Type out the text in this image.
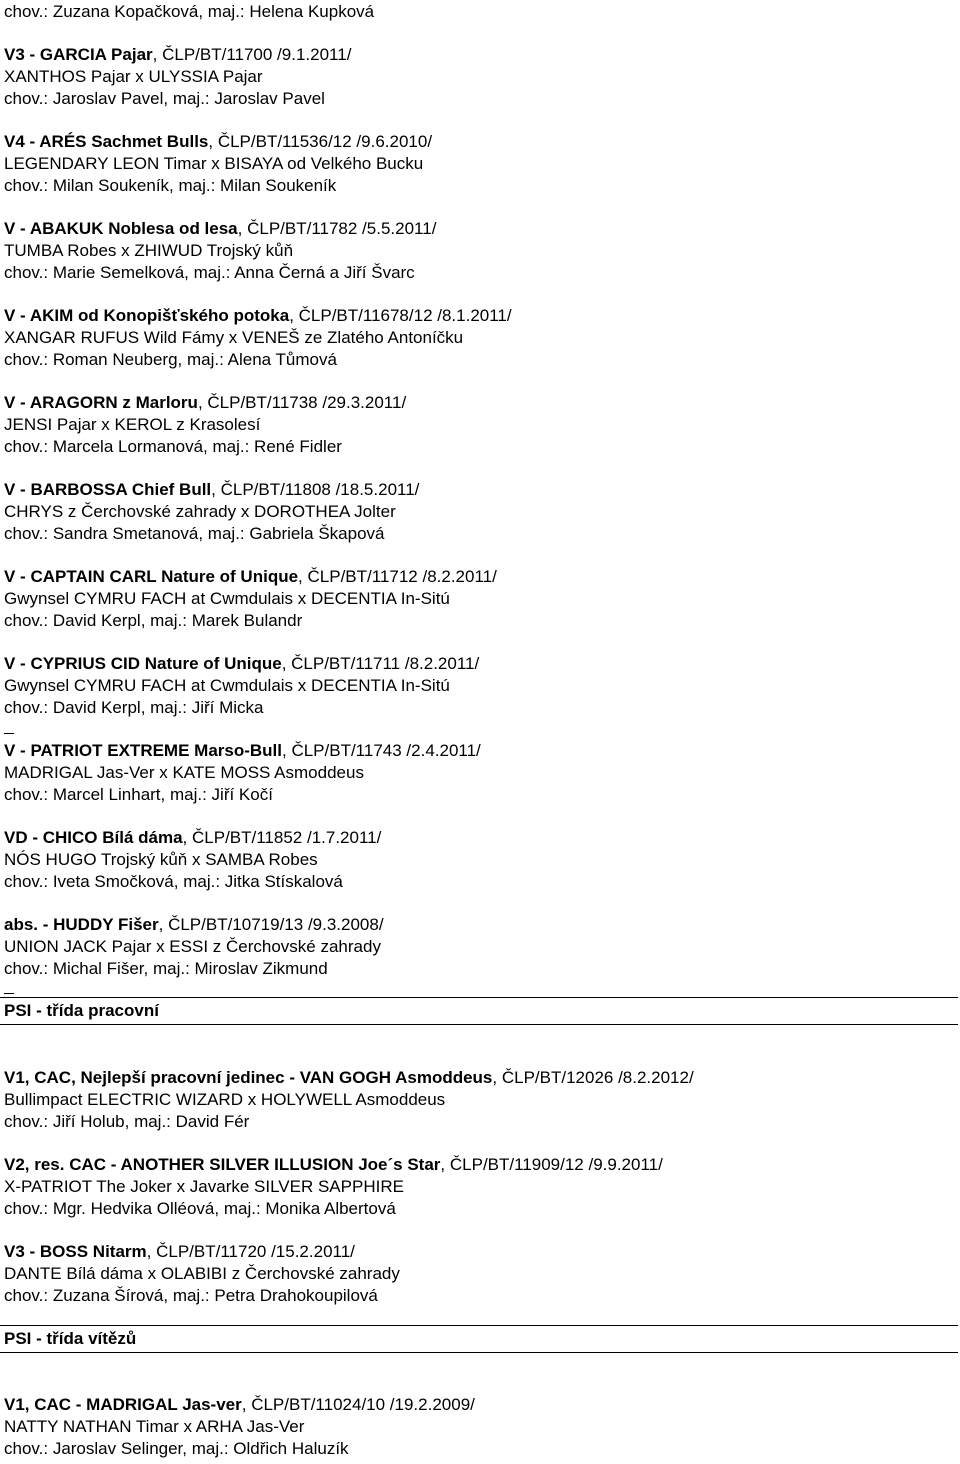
chov.: Zuzana Kopačková, maj.: Helena Kupková
V3 - GARCIA Pajar, ČLP/BT/11700 /9.1.2011/
XANTHOS Pajar x ULYSSIA Pajar
chov.: Jaroslav Pavel, maj.: Jaroslav Pavel
V4 - ARÉS Sachmet Bulls, ČLP/BT/11536/12 /9.6.2010/
LEGENDARY LEON Timar x BISAYA od Velkého Bucku
chov.: Milan Soukeník, maj.: Milan Soukeník
V - ABAKUK Noblesa od lesa, ČLP/BT/11782 /5.5.2011/
TUMBA Robes x ZHIWUD Trojský kůň
chov.: Marie Semelková, maj.: Anna Černá a Jiří Švarc
V - AKIM od Konopišťského potoka, ČLP/BT/11678/12 /8.1.2011/
XANGAR RUFUS Wild Fámy x VENEŠ ze Zlatého Antoníčku
chov.: Roman Neuberg, maj.: Alena Tůmová
V - ARAGORN z Marloru, ČLP/BT/11738 /29.3.2011/
JENSI Pajar x KEROL z Krasolesí
chov.: Marcela Lormanová, maj.: René Fidler
V - BARBOSSA Chief Bull, ČLP/BT/11808 /18.5.2011/
CHRYS z Čerchovské zahrady x DOROTHEA Jolter
chov.: Sandra Smetanová, maj.: Gabriela Škapová
V - CAPTAIN CARL Nature of Unique, ČLP/BT/11712 /8.2.2011/
Gwynsel CYMRU FACH at Cwmdulais x DECENTIA In-Sitú
chov.: David Kerpl, maj.: Marek Bulandr
V - CYPRIUS CID Nature of Unique, ČLP/BT/11711 /8.2.2011/
Gwynsel CYMRU FACH at Cwmdulais x DECENTIA In-Sitú
chov.: David Kerpl, maj.: Jiří Micka
V - PATRIOT EXTREME Marso-Bull, ČLP/BT/11743 /2.4.2011/
MADRIGAL Jas-Ver x KATE MOSS Asmoddeus
chov.: Marcel Linhart, maj.: Jiří Kočí
VD - CHICO Bílá dáma, ČLP/BT/11852 /1.7.2011/
NÓS HUGO Trojský kůň x SAMBA Robes
chov.: Iveta Smočková, maj.: Jitka Stískalová
abs. - HUDDY Fišer, ČLP/BT/10719/13 /9.3.2008/
UNION JACK Pajar x ESSI z Čerchovské zahrady
chov.: Michal Fišer, maj.: Miroslav Zikmund
PSI - třída pracovní
V1, CAC, Nejlepší pracovní jedinec - VAN GOGH Asmoddeus, ČLP/BT/12026 /8.2.2012/
Bullimpact ELECTRIC WIZARD x HOLYWELL Asmoddeus
chov.: Jiří Holub, maj.: David Fér
V2, res. CAC - ANOTHER SILVER ILLUSION Joe´s Star, ČLP/BT/11909/12 /9.9.2011/
X-PATRIOT The Joker x Javarke SILVER SAPPHIRE
chov.: Mgr. Hedvika Olléová, maj.: Monika Albertová
V3 - BOSS Nitarm, ČLP/BT/11720 /15.2.2011/
DANTE Bílá dáma x OLABIBI z Čerchovské zahrady
chov.: Zuzana Šírová, maj.: Petra Drahokoupilová
PSI - třída vítězů
V1, CAC - MADRIGAL Jas-ver, ČLP/BT/11024/10 /19.2.2009/
NATTY NATHAN Timar x ARHA Jas-Ver
chov.: Jaroslav Selinger, maj.: Oldřich Haluzík
